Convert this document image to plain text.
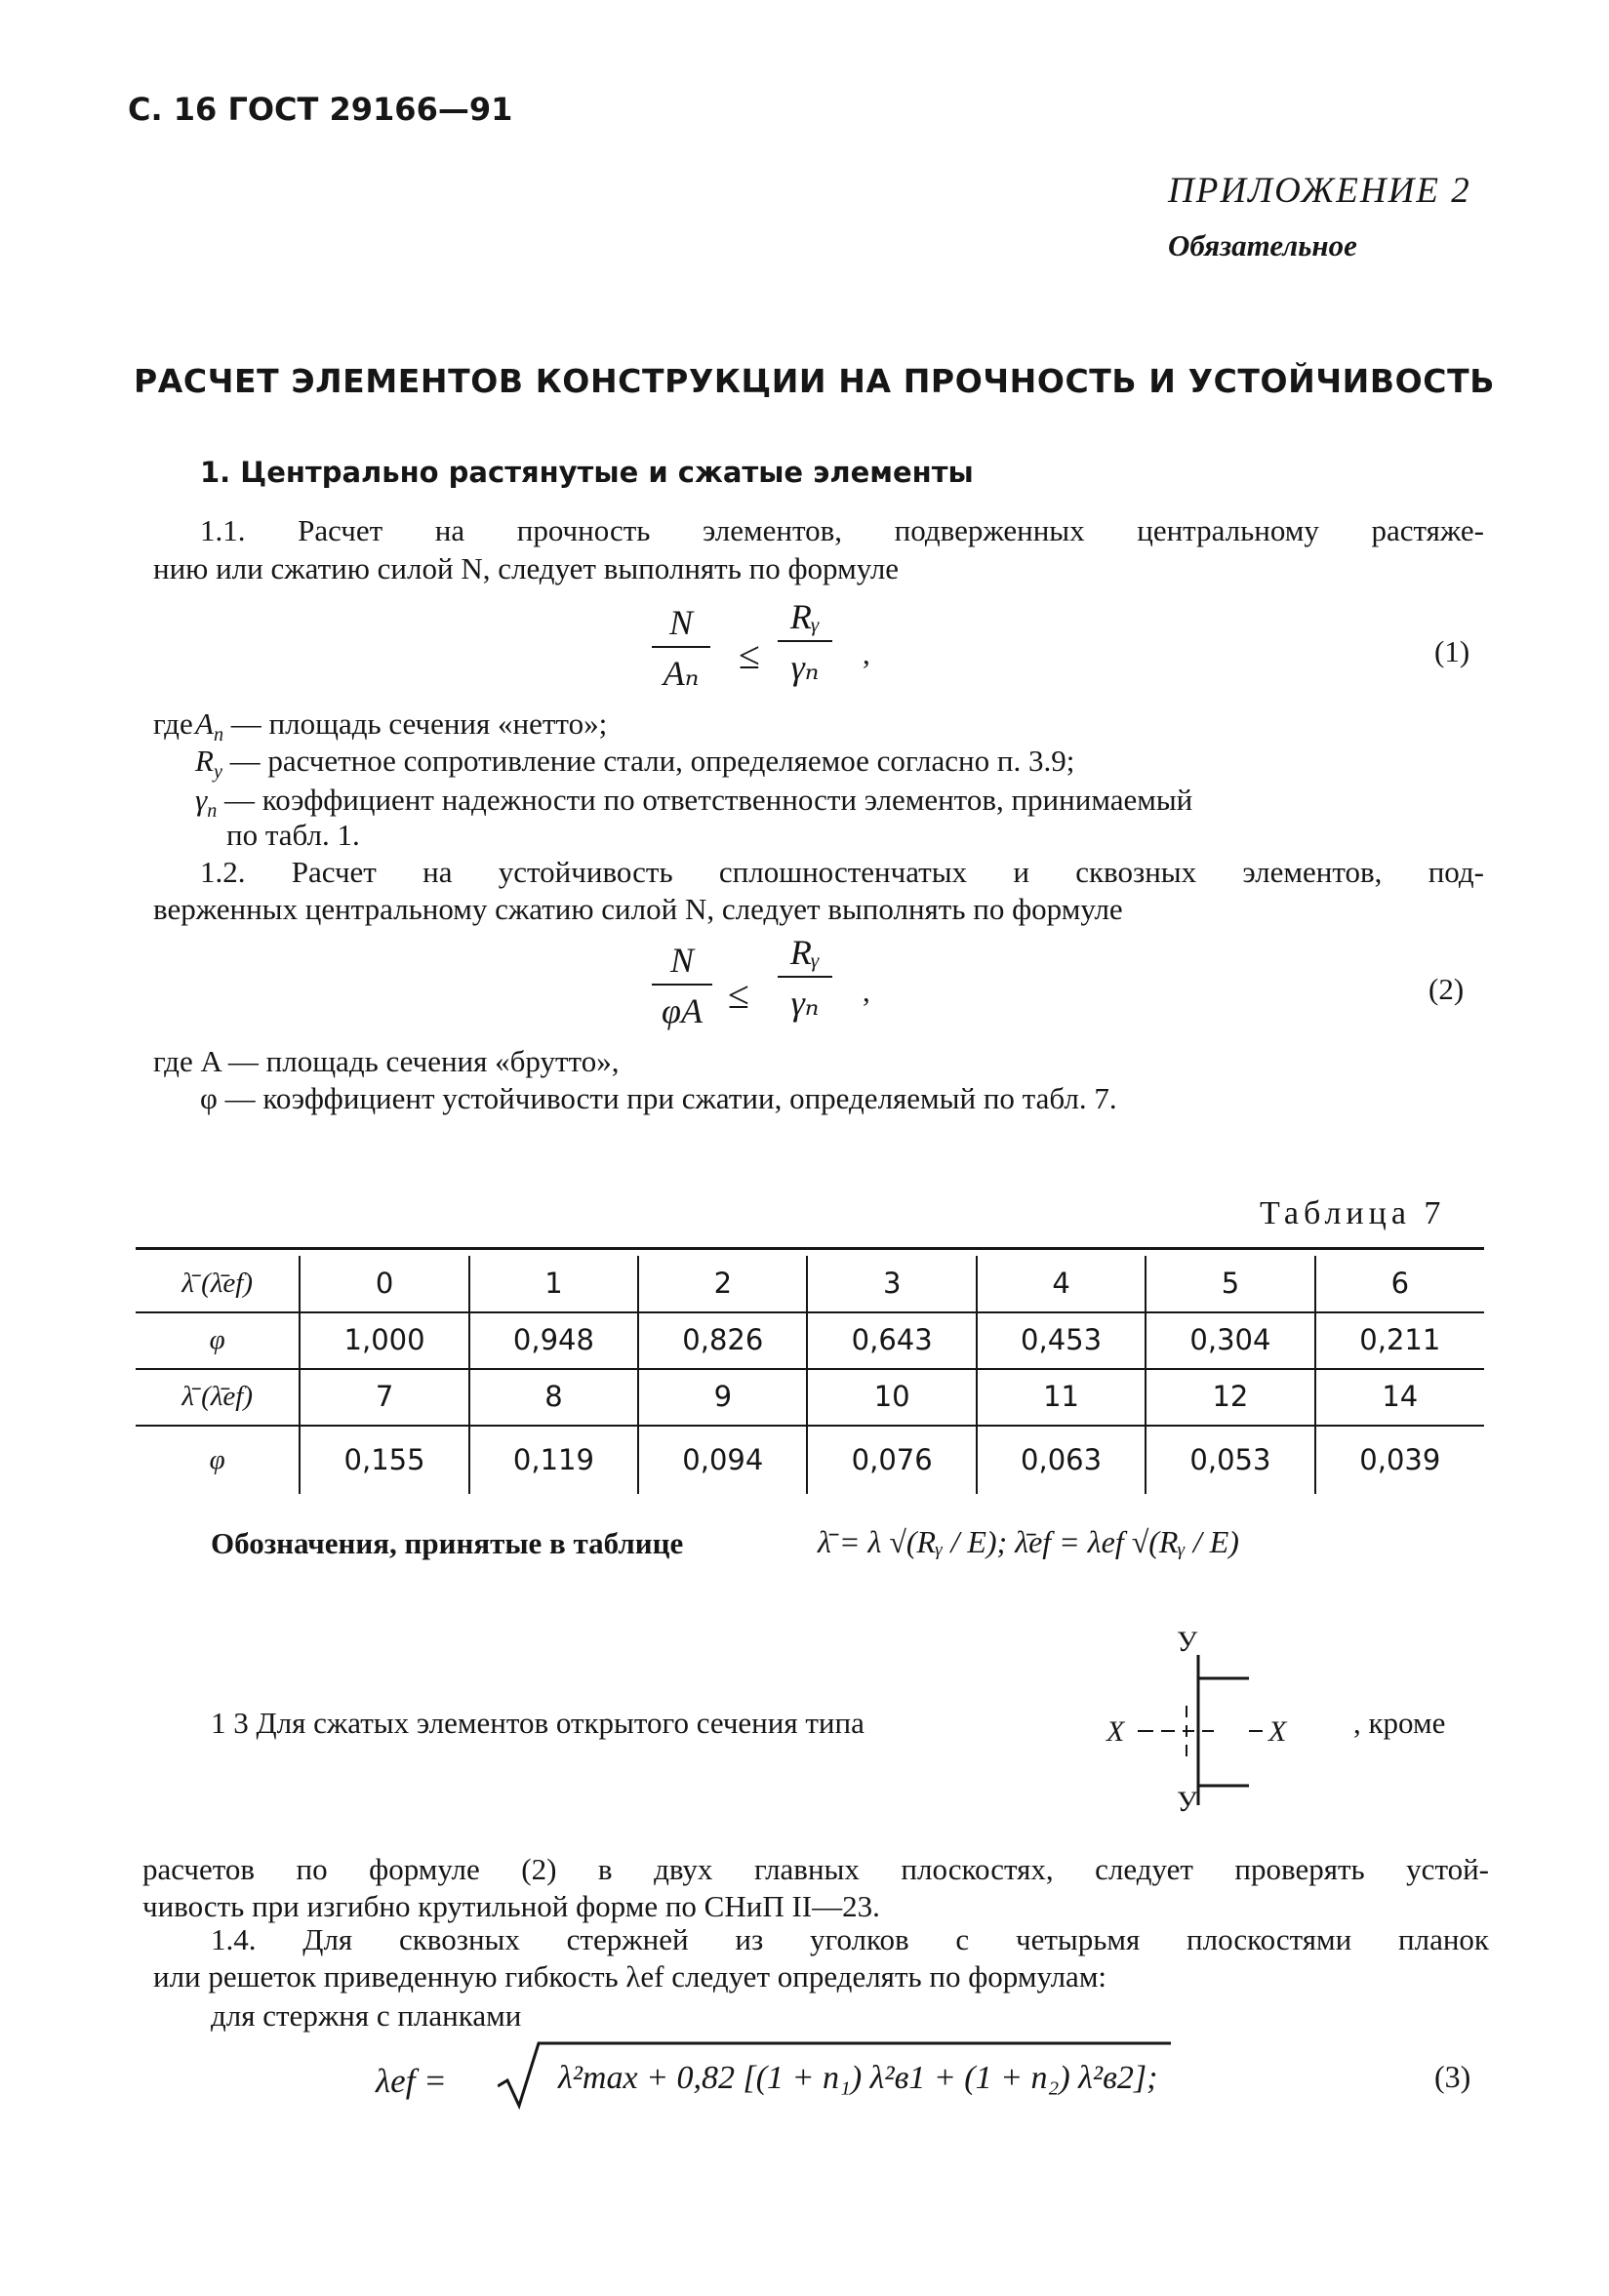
С. 16 ГОСТ 29166—91
ПРИЛОЖЕНИЕ 2
Обязательное
РАСЧЕТ ЭЛЕМЕНТОВ КОНСТРУКЦИИ НА ПРОЧНОСТЬ И УСТОЙЧИВОСТЬ
1. Центрально растянутые и сжатые элементы
1.1. Расчет на прочность элементов, подверженных центральному растяже-
нию или сжатию силой N, следует выполнять по формуле
$\frac{N}{\text{Aₙ}} \le \frac{\text{Rᵧ}}{\text{γₙ}}$ ,	(1)
где $A_n$ — площадь сечения «нетто»;
$R_y$ — расчетное сопротивление стали, определяемое согласно п. 3.9;
$\gamma_n$ — коэффициент надежности по ответственности элементов, принимаемый
по табл. 1.
1.2. Расчет на устойчивость сплошностенчатых и сквозных элементов, под-
верженных центральному сжатию силой N, следует выполнять по формуле
$\frac{N}{\varphi A} \le \frac{\text{Rᵧ}}{\text{γₙ}}$ ,	(2)
где A — площадь сечения «брутто»,
φ — коэффициент устойчивости при сжатии, определяемый по табл. 7.
Таблица 7
λ̄ (λ̄ef)	0	1	2	3	4	5	6
φ	1,000	0,948	0,826	0,643	0,453	0,304	0,211
λ̄ (λ̄ef)	7	8	9	10	11	12	14
φ	0,155	0,119	0,094	0,076	0,063	0,053	0,039
Обозначения, принятые в таблице	λ̄ = λ √(Rᵧ / E); λ̄ef = λef √(Rᵧ / E)
1 3 Для сжатых элементов открытого сечения типа
У
У
X	X , кроме
расчетов по формуле (2) в двух главных плоскостях, следует проверять устой-
чивость при изгибно крутильной форме по СНиП II—23.
1.4. Для сквозных стержней из уголков с четырьмя плоскостями планок
или решеток приведенную гибкость λef следует определять по формулам:
для стержня с планками
λef =	λ²max + 0,82 [(1 + n₁) λ²в1 + (1 + n₂) λ²в2];	(3)
